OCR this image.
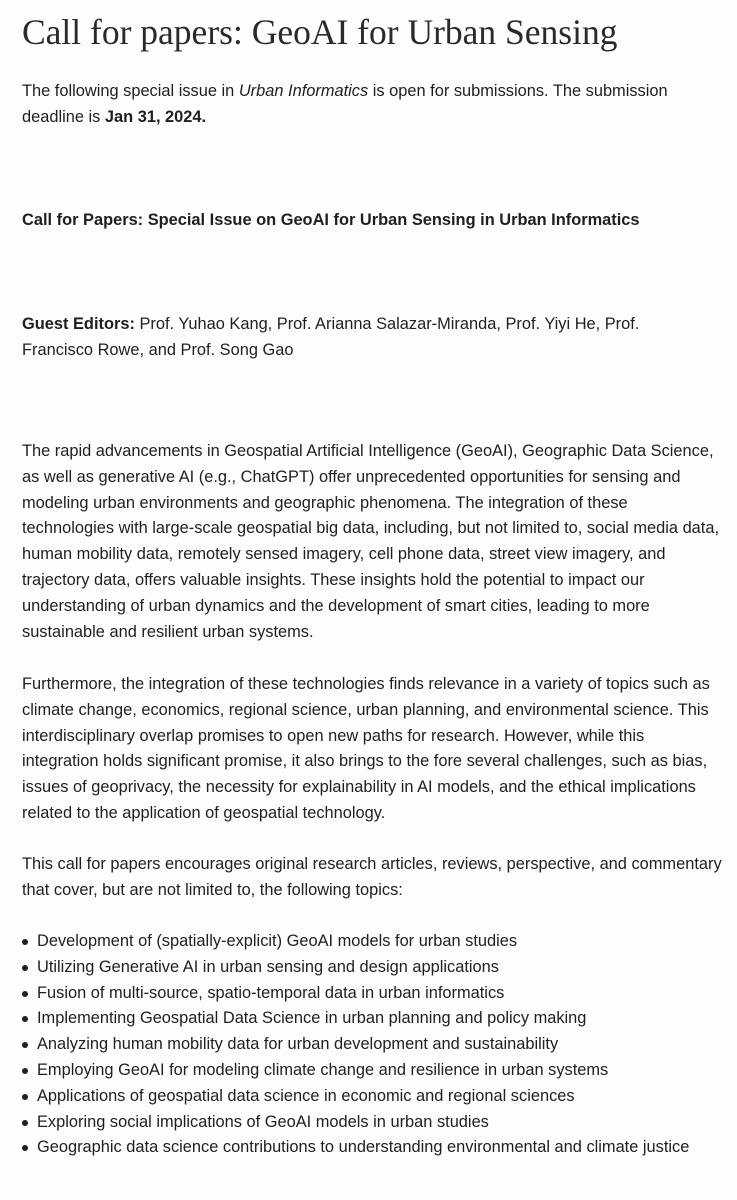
Call for papers: GeoAI for Urban Sensing

The following special issue in Urban Informatics is open for submissions. The submission deadline is Jan 31, 2024.

Call for Papers: Special Issue on GeoAI for Urban Sensing in Urban Informatics

Guest Editors: Prof. Yuhao Kang, Prof. Arianna Salazar-Miranda, Prof. Yiyi He, Prof. Francisco Rowe, and Prof. Song Gao

The rapid advancements in Geospatial Artificial Intelligence (GeoAI), Geographic Data Science, as well as generative AI (e.g., ChatGPT) offer unprecedented opportunities for sensing and modeling urban environments and geographic phenomena. The integration of these technologies with large-scale geospatial big data, including, but not limited to, social media data, human mobility data, remotely sensed imagery, cell phone data, street view imagery, and trajectory data, offers valuable insights. These insights hold the potential to impact our understanding of urban dynamics and the development of smart cities, leading to more sustainable and resilient urban systems.

Furthermore, the integration of these technologies finds relevance in a variety of topics such as climate change, economics, regional science, urban planning, and environmental science. This interdisciplinary overlap promises to open new paths for research. However, while this integration holds significant promise, it also brings to the fore several challenges, such as bias, issues of geoprivacy, the necessity for explainability in AI models, and the ethical implications related to the application of geospatial technology.

This call for papers encourages original research articles, reviews, perspective, and commentary that cover, but are not limited to, the following topics:

Development of (spatially-explicit) GeoAI models for urban studies
Utilizing Generative AI in urban sensing and design applications
Fusion of multi-source, spatio-temporal data in urban informatics
Implementing Geospatial Data Science in urban planning and policy making
Analyzing human mobility data for urban development and sustainability
Employing GeoAI for modeling climate change and resilience in urban systems
Applications of geospatial data science in economic and regional sciences
Exploring social implications of GeoAI models in urban studies
Geographic data science contributions to understanding environmental and climate justice
